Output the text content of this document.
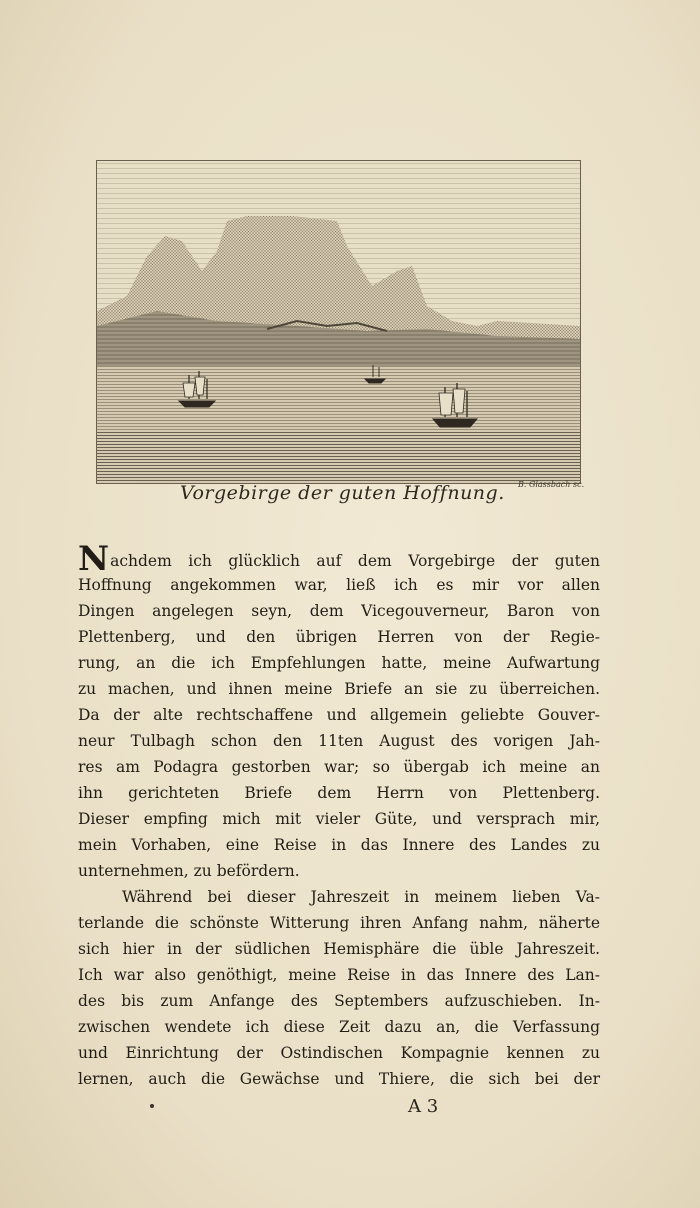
Vorgebirge der guten Hoffnung.	B. Glassbach sc.
Nachdem ich glücklich auf dem Vorgebirge der guten
Hoffnung angekommen war, ließ ich es mir vor allen
Dingen angelegen seyn, dem Vicegouverneur, Baron von
Plettenberg, und den übrigen Herren von der Regie-
rung, an die ich Empfehlungen hatte, meine Aufwartung
zu machen, und ihnen meine Briefe an sie zu überreichen.
Da der alte rechtschaffene und allgemein geliebte Gouver-
neur Tulbagh schon den 11ten August des vorigen Jah-
res am Podagra gestorben war; so übergab ich meine an
ihn gerichteten Briefe dem Herrn von Plettenberg.
Dieser empfing mich mit vieler Güte, und versprach mir,
mein Vorhaben, eine Reise in das Innere des Landes zu
unternehmen, zu befördern.
Während bei dieser Jahreszeit in meinem lieben Va-
terlande die schönste Witterung ihren Anfang nahm, näherte
sich hier in der südlichen Hemisphäre die üble Jahreszeit.
Ich war also genöthigt, meine Reise in das Innere des Lan-
des bis zum Anfange des Septembers aufzuschieben. In-
zwischen wendete ich diese Zeit dazu an, die Verfassung
und Einrichtung der Ostindischen Kompagnie kennen zu
lernen, auch die Gewächse und Thiere, die sich bei der
A 3
